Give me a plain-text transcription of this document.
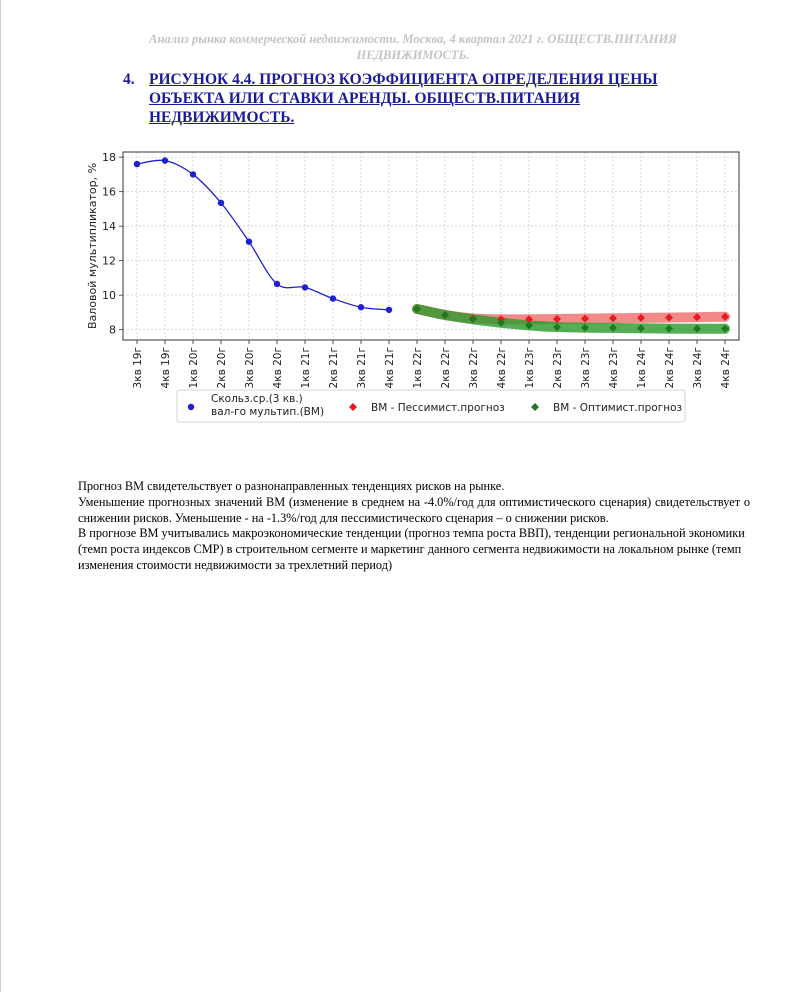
Анализ рынка коммерческой недвижимости. Москва, 4 квартал 2021 г. ОБЩЕСТВ.ПИТАНИЯ НЕДВИЖИМОСТЬ.
4. РИСУНОК 4.4. ПРОГНОЗ КОЭФФИЦИЕНТА ОПРЕДЕЛЕНИЯ ЦЕНЫ ОБЪЕКТА ИЛИ СТАВКИ АРЕНДЫ. ОБЩЕСТВ.ПИТАНИЯ НЕДВИЖИМОСТЬ.
8
10
12
14
16
18
3кв 19г 4кв 19г 1кв 20г 2кв 20г 3кв 20г 4кв 20г 1кв 21г 2кв 21г 3кв 21г 4кв 21г 1кв 22г 2кв 22г 3кв 22г 4кв 22г 1кв 23г 2кв 23г 3кв 23г 4кв 23г 1кв 24г 2кв 24г 3кв 24г 4кв 24г
Валовой мультипликатор, %
Скольз.ср.(3 кв.)
вал-го мультип.(ВМ)	ВМ - Пессимист.прогноз	ВМ - Оптимист.прогноз

Прогноз ВМ свидетельствует о разнонаправленных тенденциях рисков на рынке.

Уменьшение прогнозных значений ВМ (изменение в среднем на -4.0%/год для оптимистического сценария) свидетельствует о снижении рисков. Уменьшение - на -1.3%/год для пессимистического сценария – о снижении рисков.

В прогнозе ВМ учитывались макроэкономические тенденции (прогноз темпа роста ВВП), тенденции региональной экономики (темп роста индексов СМР) в строительном сегменте и маркетинг данного сегмента недвижимости на локальном рынке (темп изменения стоимости недвижимости за трехлетний период)
